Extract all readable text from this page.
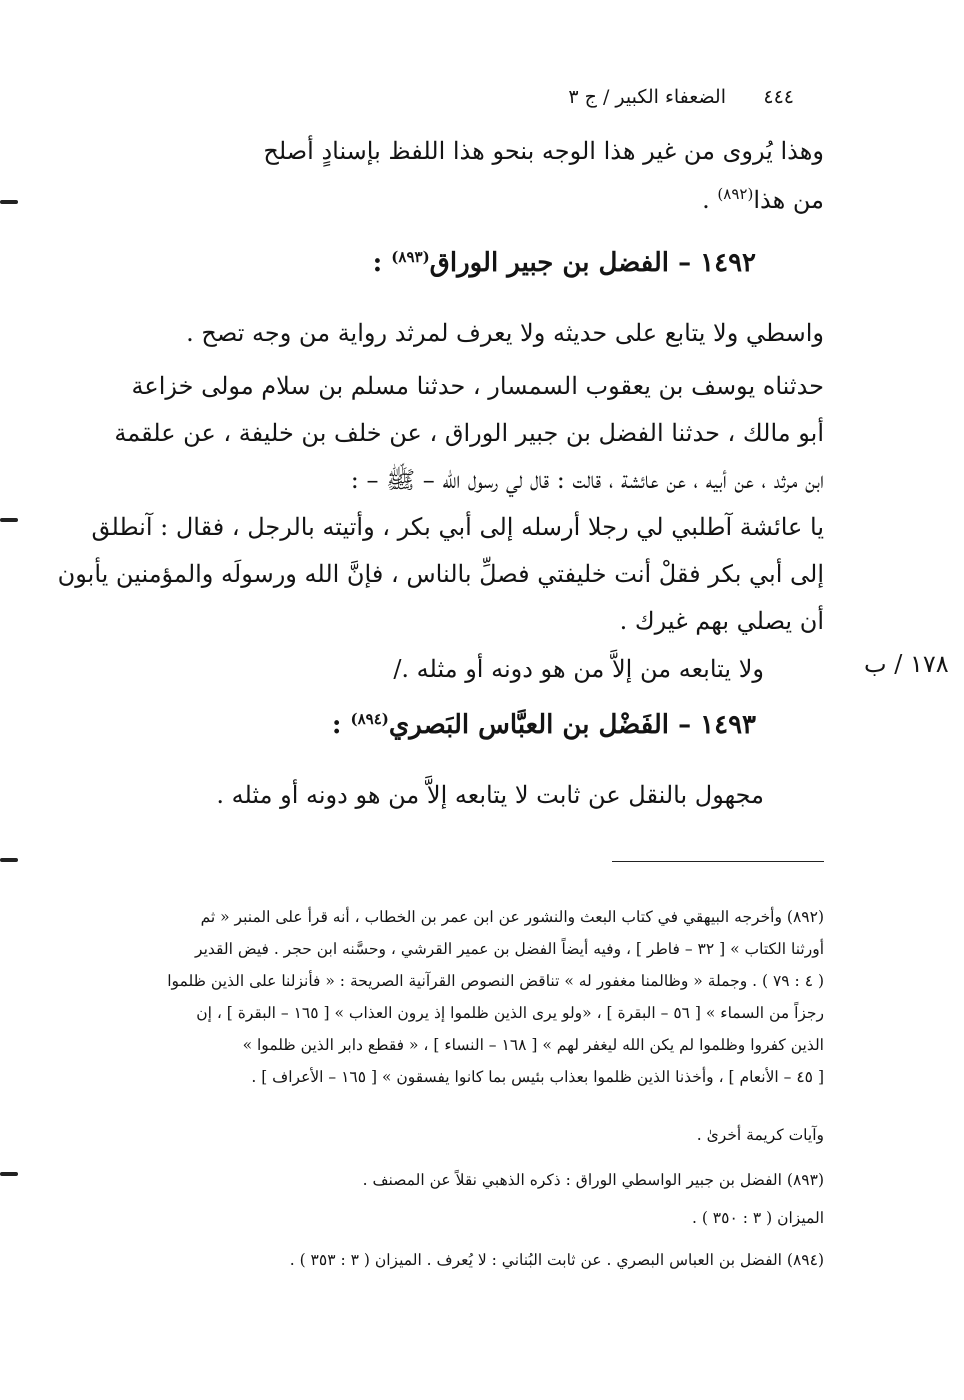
٤٤٤
الضعفاء الكبير / ج ٣
وهذا يُروى من غير هذا الوجه بنحو هذا اللفظ بإسنادٍ أصلح
من هذا$^{(٨٩٢)}$ .
١٤٩٢ – الفضل بن جبير الوراق$^{(٨٩٣)}$ :
واسطي ولا يتابع على حديثه ولا يعرف لمرثد رواية من وجه تصح .
حدثناه يوسف بن يعقوب السمسار ، حدثنا مسلم بن سلام مولى خزاعة
أبو مالك ، حدثنا الفضل بن جبير الوراق ، عن خلف بن خليفة ، عن علقمة
ابن مرثد ، عن أبيه ، عن عائشة ، قالت : قال لي رسول الله – ﷺ – :
يا عائشة آطلبي لي رجلا أرسله إلى أبي بكر ، وأتيته بالرجل ، فقال : آنطلق
إلى أبي بكر فقلْ أنت خليفتي فصلِّ بالناس ، فإنَّ الله ورسولَه والمؤمنين يأبون
أن يصلي بهم غيرك .
ولا يتابعه من إلاَّ من هو دونه أو مثله ./	١٧٨ / ب
١٤٩٣ – الفَضْل بن العبَّاس البَصري$^{(٨٩٤)}$ :
مجهول بالنقل عن ثابت لا يتابعه إلاَّ من هو دونه أو مثله .
(٨٩٢) وأخرجه البيهقي في كتاب البعث والنشور عن ابن عمر بن الخطاب ، أنه قرأ على المنبر « ثم
أورثنا الكتاب » [ ٣٢ – فاطر ] ، وفيه أيضاً الفضل بن عمير القرشي ، وحسَّنه ابن حجر . فيض القدير
( ٤ : ٧٩ ) . وجملة « وظالمنا مغفور له » تناقض النصوص القرآنية الصريحة : « فأنزلنا على الذين ظلموا
رجزاً من السماء » [ ٥٦ – البقرة ] ، «ولو يرى الذين ظلموا إذ يرون العذاب » [ ١٦٥ – البقرة ] ، إن
الذين كفروا وظلموا لم يكن الله ليغفر لهم » [ ١٦٨ – النساء ] ، « فقطع دابر الذين ظلموا »
[ ٤٥ – الأنعام ] ، وأخذنا الذين ظلموا بعذاب بئيس بما كانوا يفسقون » [ ١٦٥ – الأعراف ] .
وآيات كريمة أخرىٰ .
(٨٩٣) الفضل بن جبير الواسطي الوراق : ذكره الذهبي نقلاً عن المصنف .
الميزان ( ٣ : ٣٥٠ ) .
(٨٩٤) الفضل بن العباس البصري . عن ثابت البُناني : لا يُعرف . الميزان ( ٣ : ٣٥٣ ) .
